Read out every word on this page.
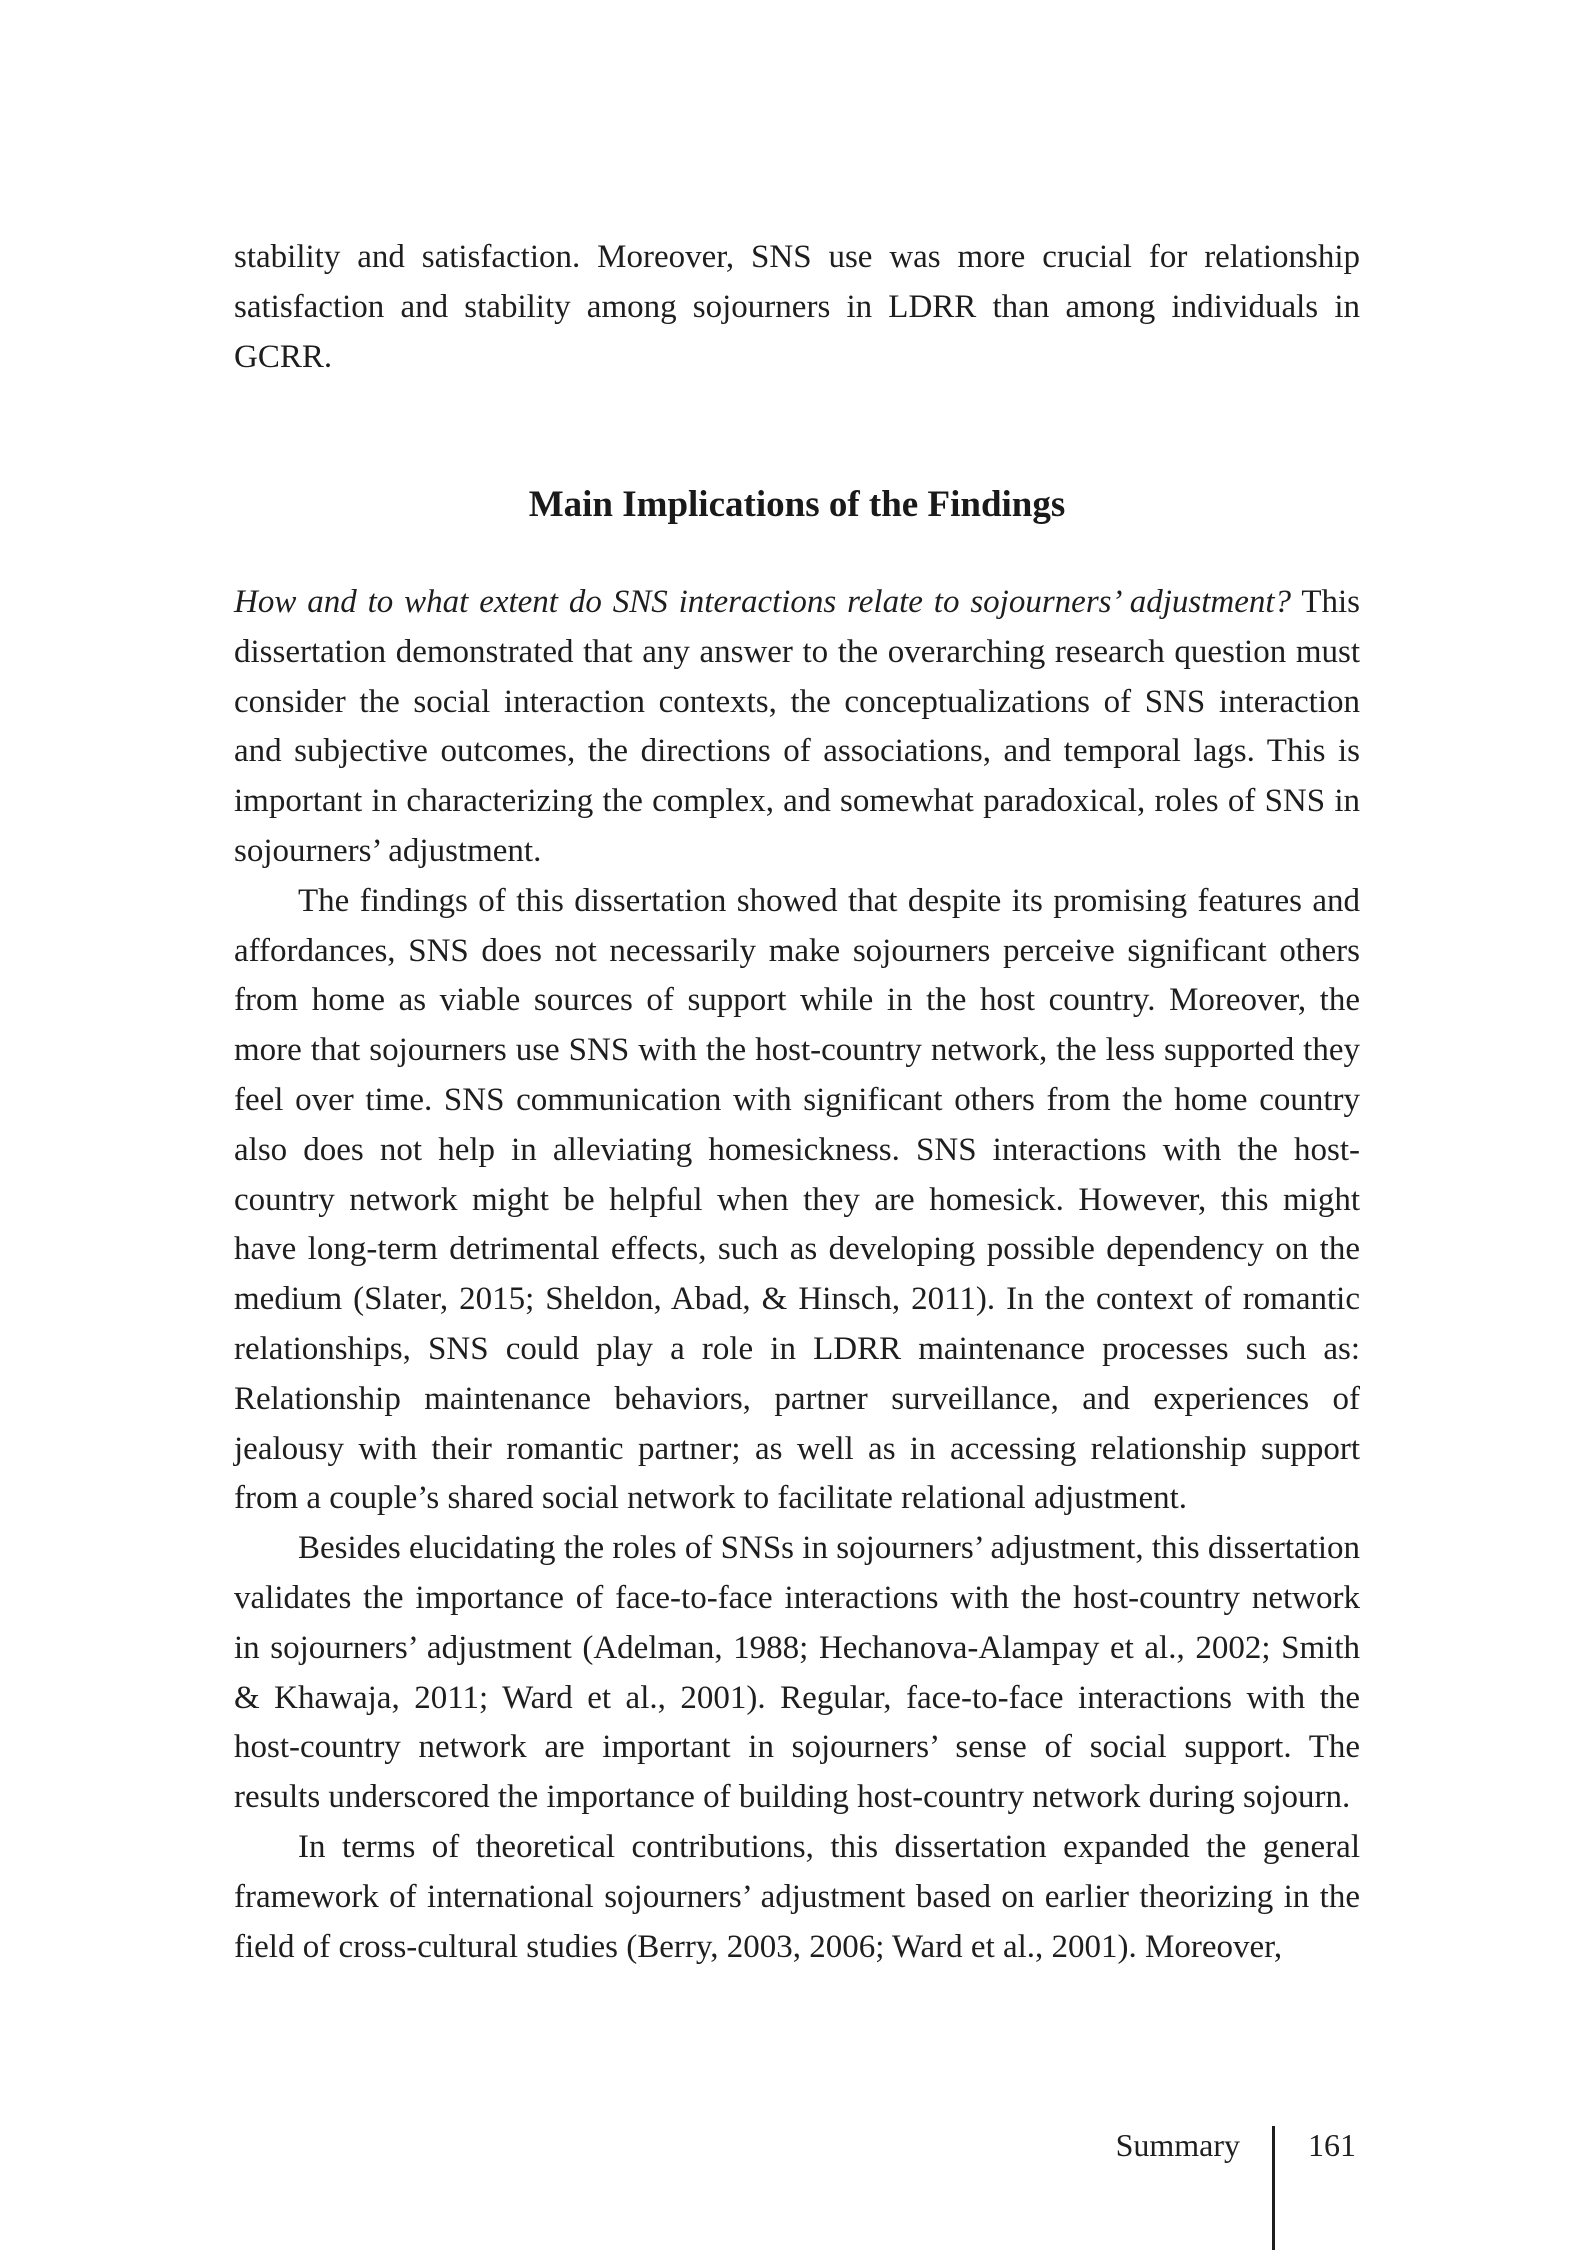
stability and satisfaction. Moreover, SNS use was more crucial for relationship satisfaction and stability among sojourners in LDRR than among individuals in GCRR.

Main Implications of the Findings

How and to what extent do SNS interactions relate to sojourners’ adjustment? This dissertation demonstrated that any answer to the overarching research question must consider the social interaction contexts, the conceptualizations of SNS interaction and subjective outcomes, the directions of associations, and temporal lags. This is important in characterizing the complex, and somewhat paradoxical, roles of SNS in sojourners’ adjustment.

The findings of this dissertation showed that despite its promising features and affordances, SNS does not necessarily make sojourners perceive significant others from home as viable sources of support while in the host country. Moreover, the more that sojourners use SNS with the host-country network, the less supported they feel over time. SNS communication with significant others from the home country also does not help in alleviating homesickness. SNS interactions with the host-country network might be helpful when they are homesick. However, this might have long-term detrimental effects, such as developing possible dependency on the medium (Slater, 2015; Sheldon, Abad, & Hinsch, 2011). In the context of romantic relationships, SNS could play a role in LDRR maintenance processes such as: Relationship maintenance behaviors, partner surveillance, and experiences of jealousy with their romantic partner; as well as in accessing relationship support from a couple’s shared social network to facilitate relational adjustment.

Besides elucidating the roles of SNSs in sojourners’ adjustment, this dissertation validates the importance of face-to-face interactions with the host-country network in sojourners’ adjustment (Adelman, 1988; Hechanova-Alampay et al., 2002; Smith & Khawaja, 2011; Ward et al., 2001). Regular, face-to-face interactions with the host-country network are important in sojourners’ sense of social support. The results underscored the importance of building host-country network during sojourn.

In terms of theoretical contributions, this dissertation expanded the general framework of international sojourners’ adjustment based on earlier theorizing in the field of cross-cultural studies (Berry, 2003, 2006; Ward et al., 2001). Moreover,

Summary 161
